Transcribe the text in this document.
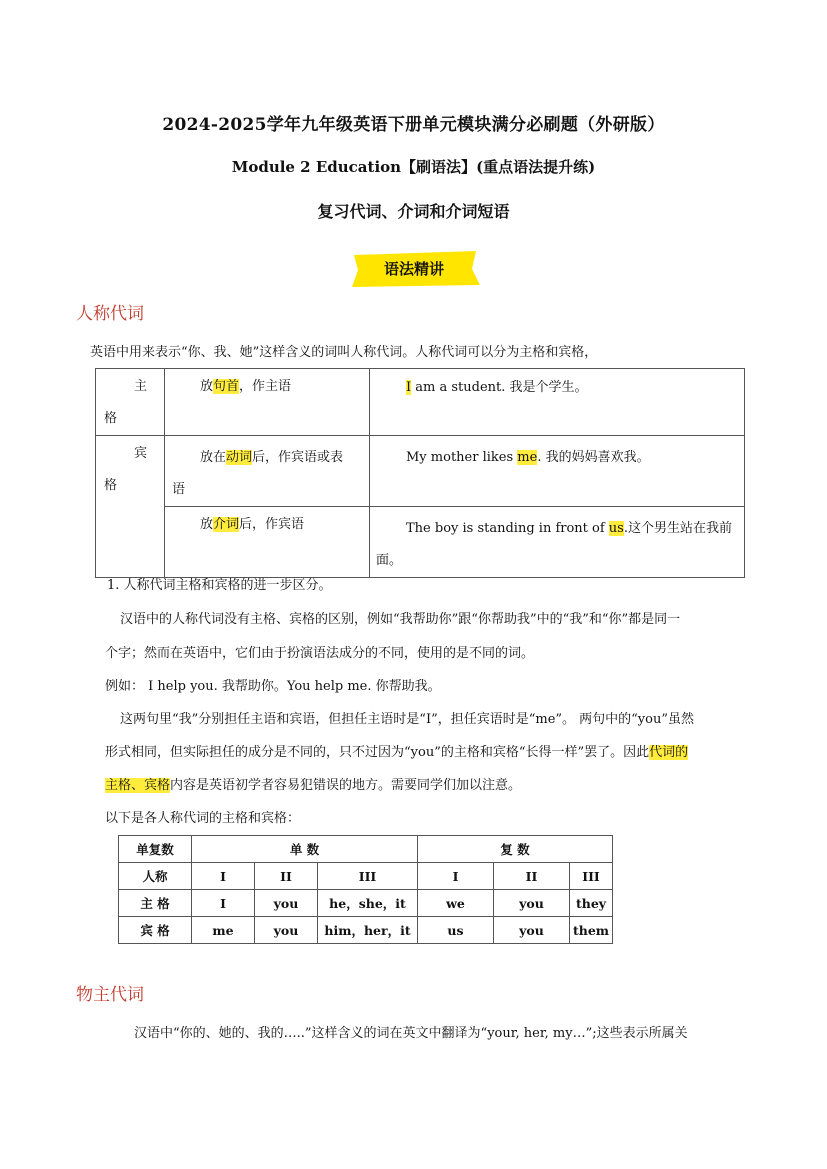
2024-2025学年九年级英语下册单元模块满分必刷题（外研版）
Module 2 Education【刷语法】(重点语法提升练)
复习代词、介词和介词短语
语法精讲
人称代词
英语中用来表示“你、我、她”这样含义的词叫人称代词。人称代词可以分为主格和宾格，
主
格	放句首，作主语	I am a student. 我是个学生。

宾
格	放在动词后，作宾语或表
语	My mother likes me. 我的妈妈喜欢我。

	放介词后，作宾语	The boy is standing in front of us.这个男生站在我前
面。
1. 人称代词主格和宾格的进一步区分。
汉语中的人称代词没有主格、宾格的区别，例如“我帮助你”跟“你帮助我”中的“我”和“你”都是同一
个字；然而在英语中，它们由于扮演语法成分的不同，使用的是不同的词。
例如： I help you. 我帮助你。You help me. 你帮助我。
这两句里“我”分别担任主语和宾语，但担任主语时是“I”，担任宾语时是“me”。 两句中的“you”虽然
形式相同，但实际担任的成分是不同的，只不过因为“you”的主格和宾格“长得一样”罢了。因此代词的
主格、宾格内容是英语初学者容易犯错误的地方。需要同学们加以注意。
以下是各人称代词的主格和宾格：
单复数	单 数			复 数		
人称	I	II	III	I	II	III
主 格	I	you	he，she，it	we	you	they
宾 格	me	you	him，her，it	us	you	them
物主代词
汉语中“你的、她的、我的…..”这样含义的词在英文中翻译为“your, her, my…”;这些表示所属关
